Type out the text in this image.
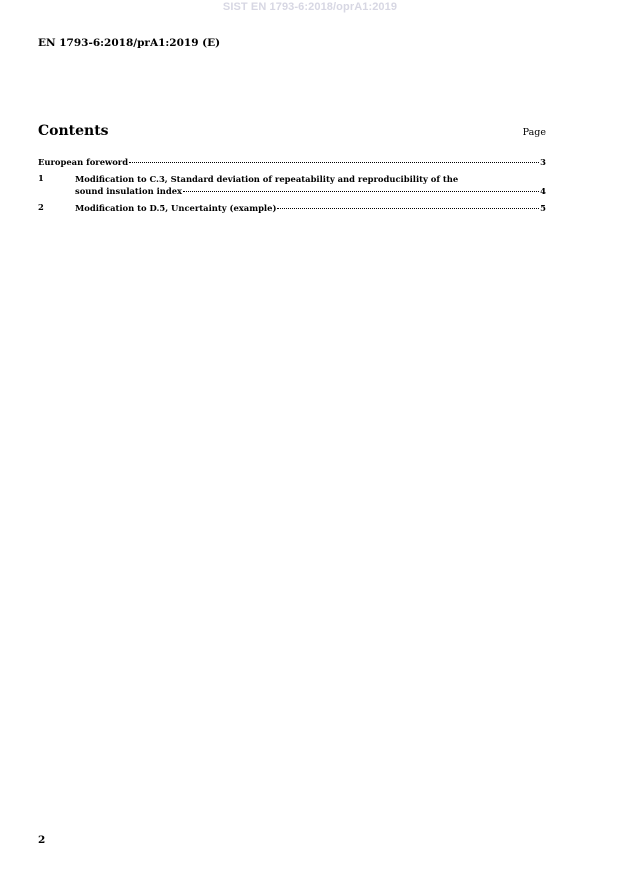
SIST EN 1793-6:2018/oprA1:2019
EN 1793-6:2018/prA1:2019 (E)
Contents	Page
European foreword	3
1	Modification to C.3, Standard deviation of repeatability and reproducibility of the
sound insulation index	4
2	Modification to D.5, Uncertainty (example)	5
2
